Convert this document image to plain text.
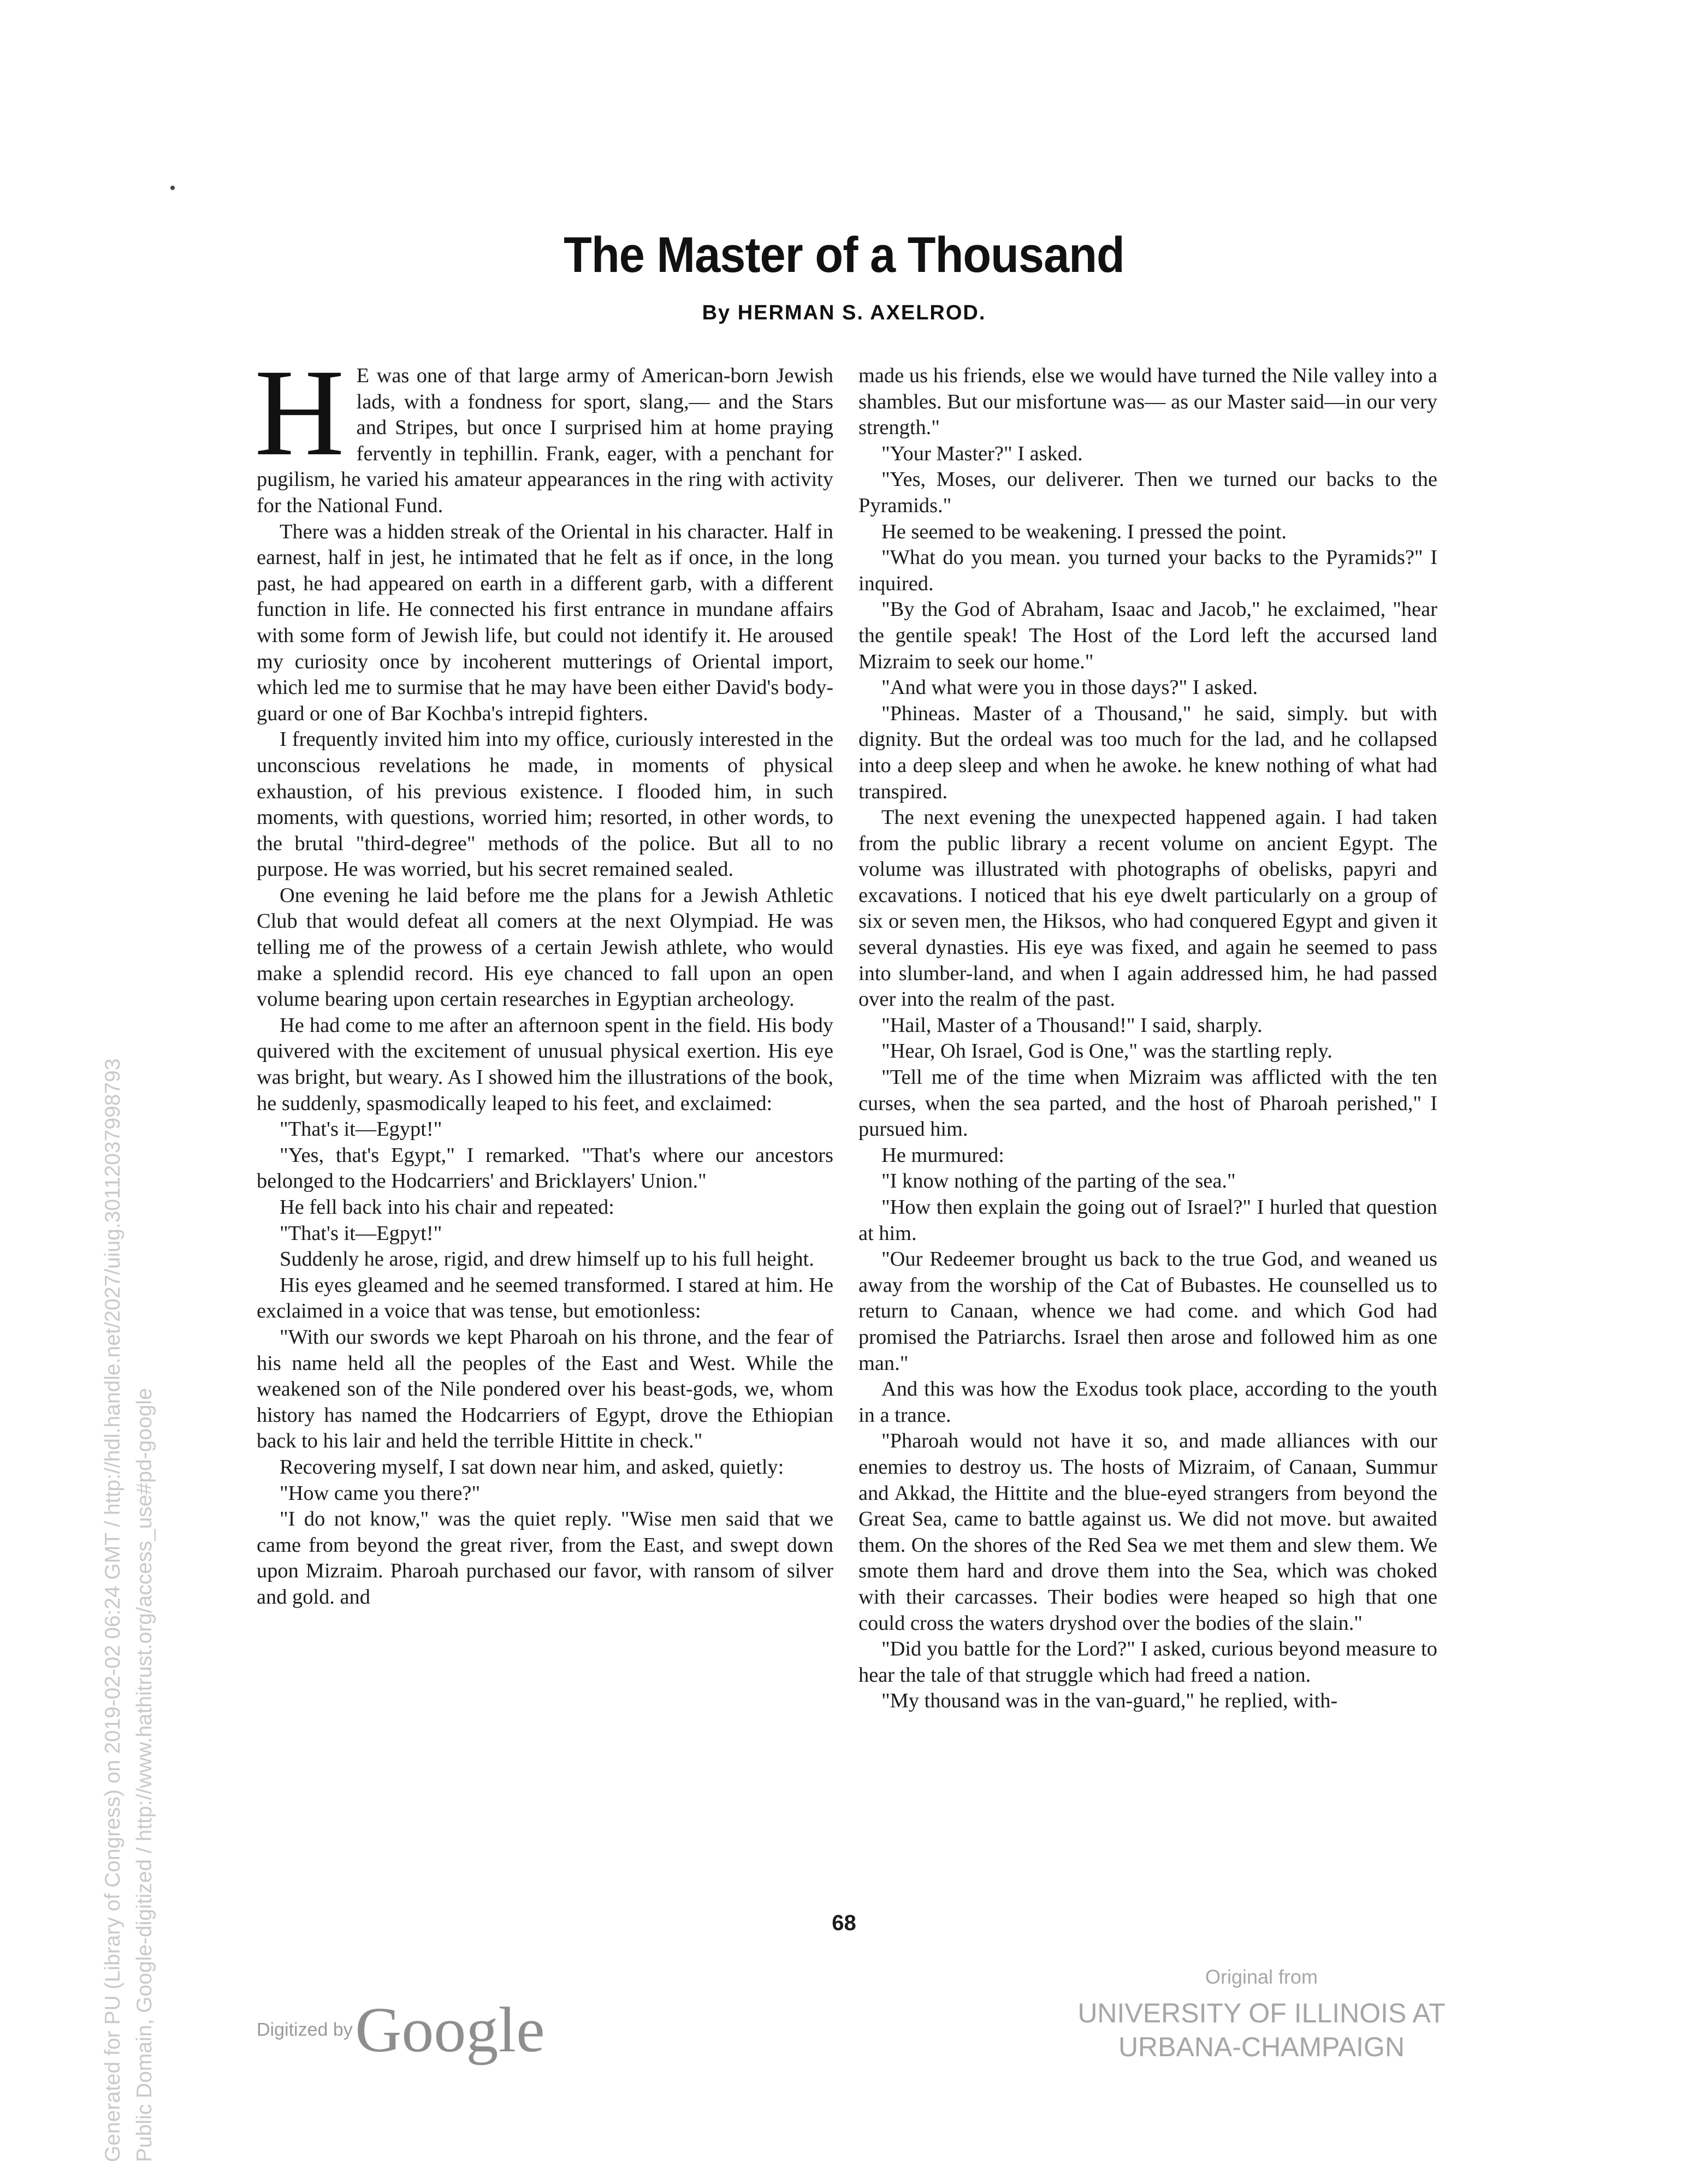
The Master of a Thousand
By HERMAN S. AXELROD.

H E was one of that large army of American-born Jewish lads, with a fondness for sport, slang,— and the Stars and Stripes, but once I surprised him at home praying fervently in tephillin. Frank, eager, with a penchant for pugilism, he varied his amateur appearances in the ring with activity for the National Fund.

There was a hidden streak of the Oriental in his character. Half in earnest, half in jest, he intimated that he felt as if once, in the long past, he had appeared on earth in a different garb, with a different function in life. He connected his first entrance in mundane affairs with some form of Jewish life, but could not identify it. He aroused my curiosity once by incoherent mutterings of Oriental import, which led me to surmise that he may have been either David's body-guard or one of Bar Kochba's intrepid fighters.

I frequently invited him into my office, curiously interested in the unconscious revelations he made, in moments of physical exhaustion, of his previous existence. I flooded him, in such moments, with questions, worried him; resorted, in other words, to the brutal "third-degree" methods of the police. But all to no purpose. He was worried, but his secret remained sealed.

One evening he laid before me the plans for a Jewish Athletic Club that would defeat all comers at the next Olympiad. He was telling me of the prowess of a certain Jewish athlete, who would make a splendid record. His eye chanced to fall upon an open volume bearing upon certain researches in Egyptian archeology.

He had come to me after an afternoon spent in the field. His body quivered with the excitement of unusual physical exertion. His eye was bright, but weary. As I showed him the illustrations of the book, he suddenly, spasmodically leaped to his feet, and exclaimed:

"That's it—Egypt!"

"Yes, that's Egypt," I remarked. "That's where our ancestors belonged to the Hodcarriers' and Bricklayers' Union."

He fell back into his chair and repeated:

"That's it—Egpyt!"

Suddenly he arose, rigid, and drew himself up to his full height.

His eyes gleamed and he seemed transformed. I stared at him. He exclaimed in a voice that was tense, but emotionless:

"With our swords we kept Pharoah on his throne, and the fear of his name held all the peoples of the East and West. While the weakened son of the Nile pondered over his beast-gods, we, whom history has named the Hodcarriers of Egypt, drove the Ethiopian back to his lair and held the terrible Hittite in check."

Recovering myself, I sat down near him, and asked, quietly:

"How came you there?"

"I do not know," was the quiet reply. "Wise men said that we came from beyond the great river, from the East, and swept down upon Mizraim. Pharoah purchased our favor, with ransom of silver and gold. and

made us his friends, else we would have turned the Nile valley into a shambles. But our misfortune was— as our Master said—in our very strength."

"Your Master?" I asked.

"Yes, Moses, our deliverer. Then we turned our backs to the Pyramids."

He seemed to be weakening. I pressed the point.

"What do you mean. you turned your backs to the Pyramids?" I inquired.

"By the God of Abraham, Isaac and Jacob," he exclaimed, "hear the gentile speak! The Host of the Lord left the accursed land Mizraim to seek our home."

"And what were you in those days?" I asked.

"Phineas. Master of a Thousand," he said, simply. but with dignity. But the ordeal was too much for the lad, and he collapsed into a deep sleep and when he awoke. he knew nothing of what had transpired.

The next evening the unexpected happened again. I had taken from the public library a recent volume on ancient Egypt. The volume was illustrated with photographs of obelisks, papyri and excavations. I noticed that his eye dwelt particularly on a group of six or seven men, the Hiksos, who had conquered Egypt and given it several dynasties. His eye was fixed, and again he seemed to pass into slumber-land, and when I again addressed him, he had passed over into the realm of the past.

"Hail, Master of a Thousand!" I said, sharply.

"Hear, Oh Israel, God is One," was the startling reply.

"Tell me of the time when Mizraim was afflicted with the ten curses, when the sea parted, and the host of Pharoah perished," I pursued him.

He murmured:

"I know nothing of the parting of the sea."

"How then explain the going out of Israel?" I hurled that question at him.

"Our Redeemer brought us back to the true God, and weaned us away from the worship of the Cat of Bubastes. He counselled us to return to Canaan, whence we had come. and which God had promised the Patriarchs. Israel then arose and followed him as one man."

And this was how the Exodus took place, according to the youth in a trance.

"Pharoah would not have it so, and made alliances with our enemies to destroy us. The hosts of Mizraim, of Canaan, Summur and Akkad, the Hittite and the blue-eyed strangers from beyond the Great Sea, came to battle against us. We did not move. but awaited them. On the shores of the Red Sea we met them and slew them. We smote them hard and drove them into the Sea, which was choked with their carcasses. Their bodies were heaped so high that one could cross the waters dryshod over the bodies of the slain."

"Did you battle for the Lord?" I asked, curious beyond measure to hear the tale of that struggle which had freed a nation.

"My thousand was in the van-guard," he replied, with-

68
Digitized by Google
Original from
UNIVERSITY OF ILLINOIS AT
URBANA-CHAMPAIGN
Generated for PU (Library of Congress) on 2019-02-02 06:24 GMT / http://hdl.handle.net/2027/uiug.30112037998793 Public Domain, Google-digitized / http://www.hathitrust.org/access_use#pd-google
